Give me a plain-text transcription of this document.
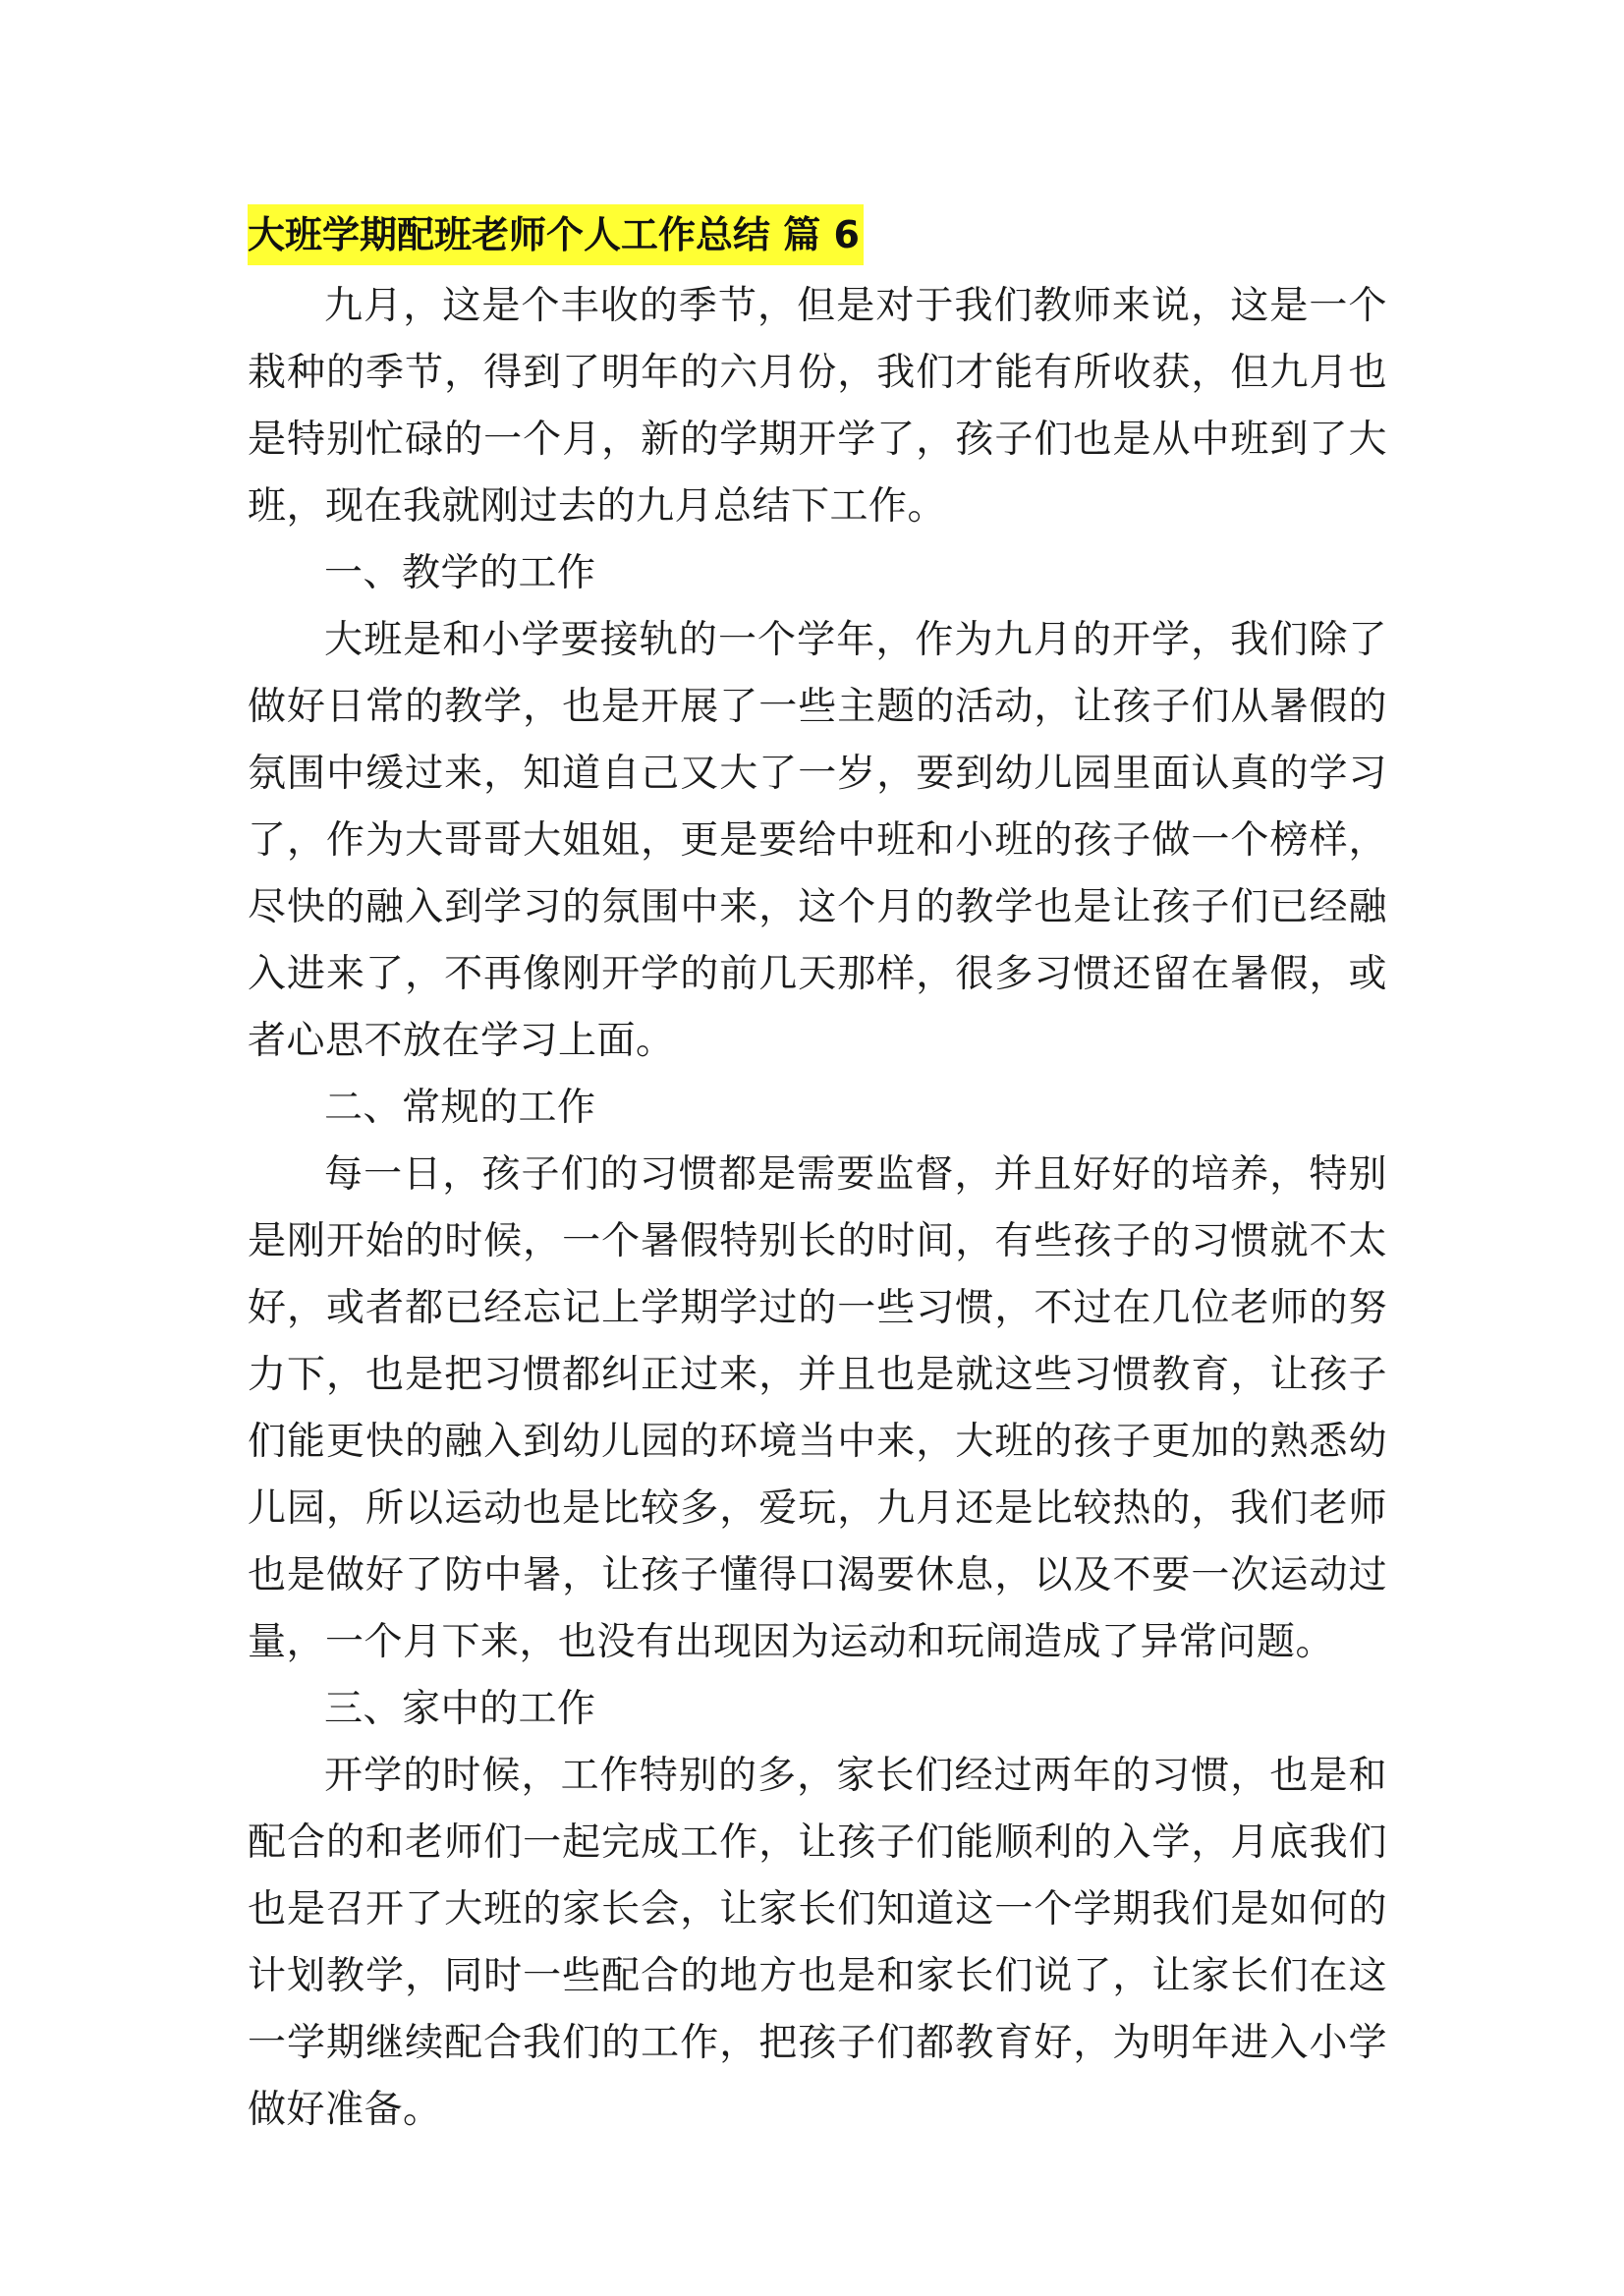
大班学期配班老师个人工作总结 篇 6

九月，这是个丰收的季节，但是对于我们教师来说，这是一个栽种的季节，得到了明年的六月份，我们才能有所收获，但九月也是特别忙碌的一个月，新的学期开学了，孩子们也是从中班到了大班，现在我就刚过去的九月总结下工作。

一、教学的工作

大班是和小学要接轨的一个学年，作为九月的开学，我们除了做好日常的教学，也是开展了一些主题的活动，让孩子们从暑假的氛围中缓过来，知道自己又大了一岁，要到幼儿园里面认真的学习了，作为大哥哥大姐姐，更是要给中班和小班的孩子做一个榜样，尽快的融入到学习的氛围中来，这个月的教学也是让孩子们已经融入进来了，不再像刚开学的前几天那样，很多习惯还留在暑假，或者心思不放在学习上面。

二、常规的工作

每一日，孩子们的习惯都是需要监督，并且好好的培养，特别是刚开始的时候，一个暑假特别长的时间，有些孩子的习惯就不太好，或者都已经忘记上学期学过的一些习惯，不过在几位老师的努力下，也是把习惯都纠正过来，并且也是就这些习惯教育，让孩子们能更快的融入到幼儿园的环境当中来，大班的孩子更加的熟悉幼儿园，所以运动也是比较多，爱玩，九月还是比较热的，我们老师也是做好了防中暑，让孩子懂得口渴要休息，以及不要一次运动过量，一个月下来，也没有出现因为运动和玩闹造成了异常问题。

三、家中的工作

开学的时候，工作特别的多，家长们经过两年的习惯，也是和配合的和老师们一起完成工作，让孩子们能顺利的入学，月底我们也是召开了大班的家长会，让家长们知道这一个学期我们是如何的计划教学，同时一些配合的地方也是和家长们说了，让家长们在这一学期继续配合我们的工作，把孩子们都教育好，为明年进入小学做好准备。
